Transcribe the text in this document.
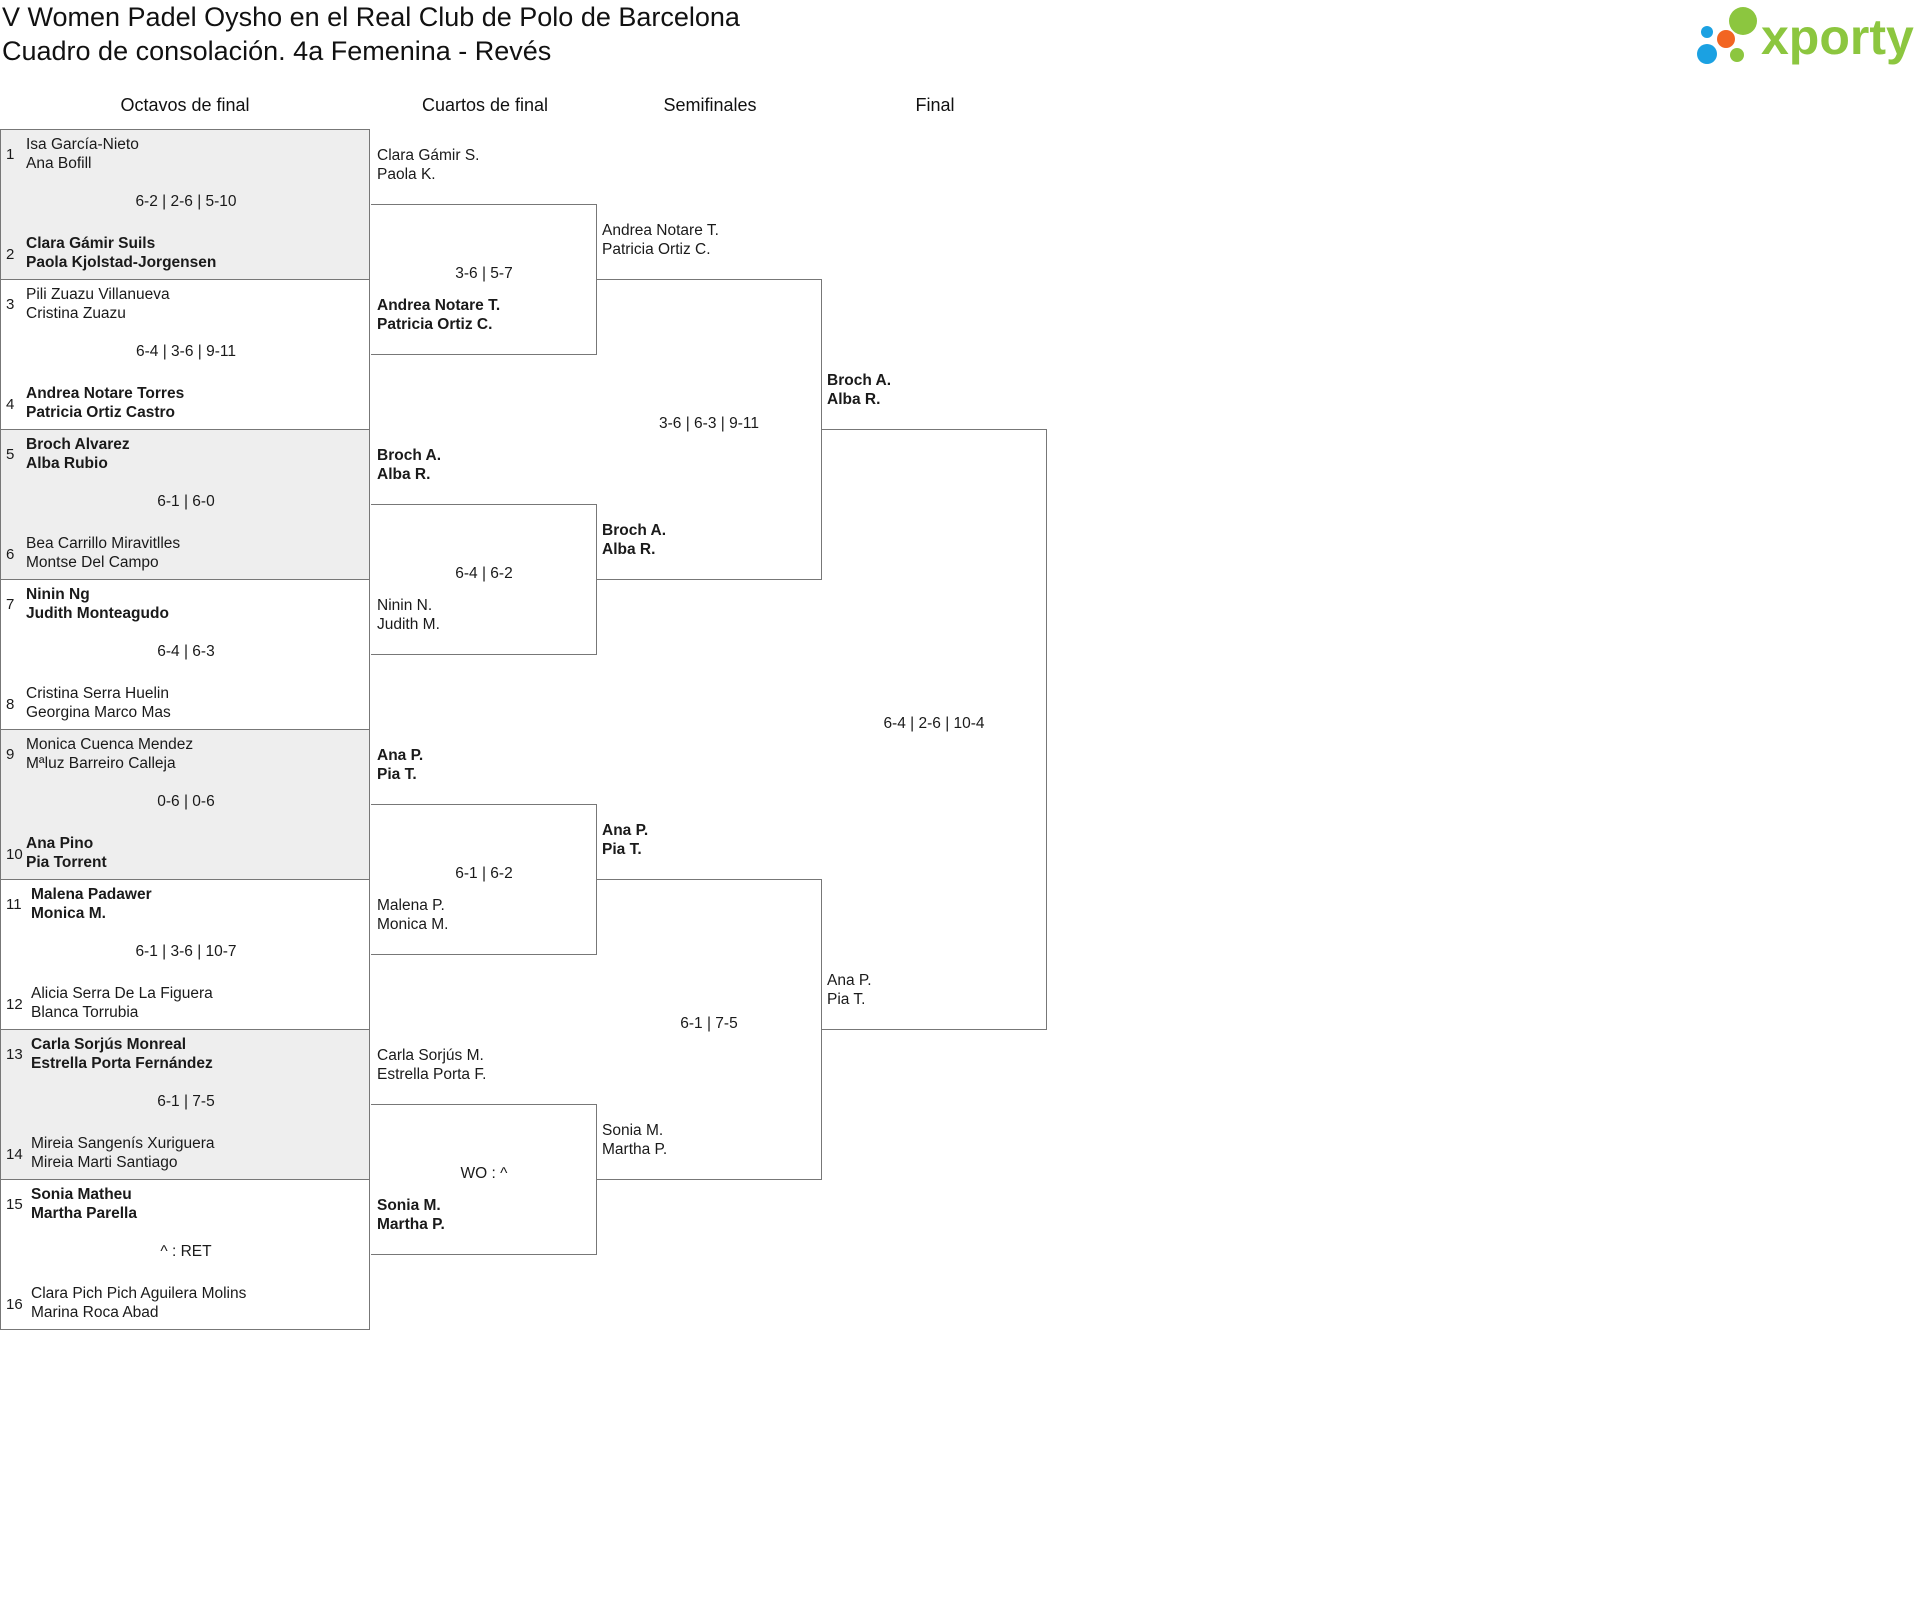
V Women Padel Oysho en el Real Club de Polo de Barcelona
Cuadro de consolación. 4a Femenina - Revés	xporty
Octavos de final	Cuartos de final	Semifinales	Final
1
Isa García-Nieto
Ana Bofill
6-2 | 2-6 | 5-10
2
Clara Gámir Suils
Paola Kjolstad-Jorgensen
3
Pili Zuazu Villanueva
Cristina Zuazu
6-4 | 3-6 | 9-11
4
Andrea Notare Torres
Patricia Ortiz Castro
5
Broch Alvarez
Alba Rubio
6-1 | 6-0
6
Bea Carrillo Miravitlles
Montse Del Campo
7
Ninin Ng
Judith Monteagudo
6-4 | 6-3
8
Cristina Serra Huelin
Georgina Marco Mas
9
Monica Cuenca Mendez
Mªluz Barreiro Calleja
0-6 | 0-6
10
Ana Pino
Pia Torrent
11
Malena Padawer
Monica M.
6-1 | 3-6 | 10-7
12
Alicia Serra De La Figuera
Blanca Torrubia
13
Carla Sorjús Monreal
Estrella Porta Fernández
6-1 | 7-5
14
Mireia Sangenís Xuriguera
Mireia Marti Santiago
15
Sonia Matheu
Martha Parella
^ : RET
16
Clara Pich Pich Aguilera Molins
Marina Roca Abad
Clara Gámir S.
Paola K.
Andrea Notare T.
Patricia Ortiz C.
3-6 | 5-7
Broch A.
Alba R.
Ninin N.
Judith M.
6-4 | 6-2
Ana P.
Pia T.
Malena P.
Monica M.
6-1 | 6-2
Carla Sorjús M.
Estrella Porta F.
Sonia M.
Martha P.
WO : ^
Andrea Notare T.
Patricia Ortiz C.
Broch A.
Alba R.
3-6 | 6-3 | 9-11
Ana P.
Pia T.
Sonia M.
Martha P.
6-1 | 7-5
Broch A.
Alba R.
Ana P.
Pia T.
6-4 | 2-6 | 10-4
